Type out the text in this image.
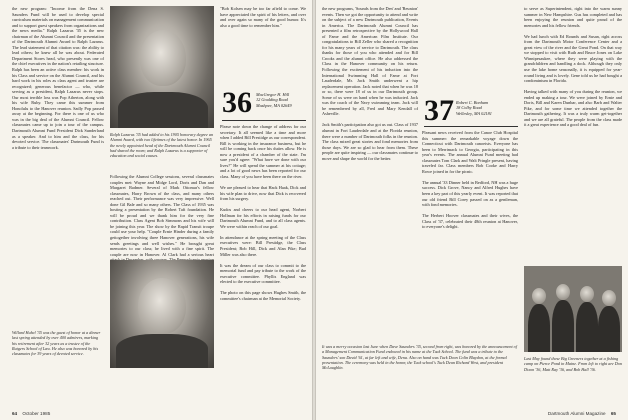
the new program: "Income from the Dena S. Saunders Fund will be used to develop special curriculum materials on management communication and to support guest speakers from organizations and the news media." Ralph Lazarus '35 is the new chairman of the Alumni Council and the presentation of the Dartmouth Alumni Award to Ralph Lazarus. The lead statement of that citation was: the ability to lead others; he knew all he was about. Federated Department Stores head, who presently was one of the chief executives in the nation's retailing structure. Ralph has been an active class member: his work in his Class and service on the Alumni Council, and his hard work in his roles as class agent and trustee are recognized; generous benefactor — who, while serving as a president, Ralph Lazarus never stops. Our most terrible loss was Pop Atherton, along with his wife Ruby. They came this summer from Honolulu to the Hanover reunion. Sadly Pop passed away at the beginning. For there is one of us who was in the big deal of the Alumni Council. Fellow classmates came up to join a tour of the campus. Dartmouth Alumni Fund President Dick Sunderland as a speaker. And to him and the class, for his devoted service. The classmates' Dartmouth Fund is a tribute to their teamwork.
Ralph Lazarus '35 had added to his 1905 honorary degree an Alumni Award, with two lifetimes of the latest honor. In 1965 the newly appointed head of the Dartmouth Alumni Council had shared the room; and Ralph Lazarus is a supporter of education and social causes.
Following the Alumni College sessions, several classmates couples met: Wayne and Midge Lord, Doris and Dan and Margaret Radmer. Several of Mark Ottomar's fellow classmates, Harry Brown of the class, and many others reached out. Their performance was very impressive. Well done Gil Bale and so many others. The Class of 1935 was hosting a presentation by the Robert Taft foundation. He will be proud and we thank him for the very fine contribution. Class Agent Bob Simmons and his wife will be joining this year. The show by the Rapid Transit troupe could use your help. "Couple Ernie Hinder during a family gettogether involving three Hanover generations, his wife sends greetings and well wishes." He brought great memories to our class; he lived with a fine spirit. The couple are now in Hanover. Al Clark had a serious heart
Willard Hubel '35 was the guest of honor at a dinner last spring attended by over 400 admirers, marking his retirement after 32 years as a trustee of the Rutgers School of Law. He also was honored by his classmates for 39 years of devoted service.
"Bob Kolsen may be too far afield to come. We have appreciated the spirit of his letters, and over and over again so many of the good humor. It's also a good time to remember him."
36 MacGregor H. Hill
12 Goulding Road
Mashpee, MA 02649
Please note down the change of address for our secretary. It all seemed like a time and more when I added Bill Prestidge as our correspondent. Bill is working in the insurance business, but he will be coming back once his duties allow. He is now a president of a chamber of the state. I'm sure you'd agree: "What have we done with our lives?" He will spend the summer at his cottage; and a lot of good news has been reported for our class. Many of you have been there on the river.

We are pleased to hear that Hack Haak, Dick and his wife plan to drive, now that Dick is recovered from his surgery.

Kudos and cheers to our head agent, Norbert Hollman for his efforts in raising funds for our Dartmouth Alumni Fund, and to all class agents. We were within reach of our goal.

In attendance at the spring meeting of the Class executives were: Bill Prestidge, the Class President; Bob Hill, Dick and Alan Pike; Bud Miller was also there.

It was the dream of our class to commit to the memorial fund and pay tribute to the work of the executive committee. Phyllis England was elected to the executive committee.

The photo on this page shows Hughes Smith, the committee's chairman at the Memorial Society.
64 October 1985
the new programs, 'Sounds from the Den' and 'Reunion' events. Then we got the opportunity to attend and write on the subject of a new Dartmouth publication, Events in America. The Dartmouth Alumni Council has presented a film retrospective by the Hollywood Hall of Fame and the American Film Institute. Our congratulations to Bill Zeller who shared a recognition for his many years of service to Dartmouth. The class thanks for those of you who attended and for Bill Crooks and the alumni office. He also addressed the Class in the Hanover community on his return. Following the excitement of his induction into the International Swimming Hall of Fame at Fort Lauderdale, Mr. Jack Smith underwent a hip replacement operation. Jack noted that when he was 18 or so, there were 18 of us in our Dartmouth group. Some of us were on hand when he was inducted. Jack was the coach of the Navy swimming team. Jack will be remembered by all, Fred and Mary Kendall of Asheville.

Jack Smith's participation also got us out. Class of 1937 alumni in Fort Lauderdale and at the Florida reunion, there were a number of Dartmouth folks in the reunion. The class mixed great stories and fond memories from those days. We are so glad to hear from them. These people are quite inspiring — our classmates continue to move and shape the world for the better.
37 Robert C. Bonham
18 Colby Road
Wellesley, MA 02181
Pleasant news received from the Canoe Club Hospital this summer: the remarkable voyage down the Connecticut with Dartmouth canoeists. Everyone has been to Merrimack to Georgia, participating in this year's events. The annual Alumni Fund meeting had classmates Tom Clark and Walt Pringle present, having traveled far. Class members Bob Cooke and Harry Rowe joined in for the picnic.

The annual '33 Dinner held in Bedford, NH was a huge success. Dick Grove, Nancy and Alfred Hughes have been a key part of this yearly event. It was reported that our old friend Bill Corey passed on as a gentleman, with fond memories.

The Herbert Hoover classmates and their wives, the Class of '37, celebrated their 48th reunion at Hanover, to everyone's delight.
to serve as Superintendent, right into the warm sunny summer in New Hampshire. Gus has completed and has been enjoying the reunion and quite proud of the memories and his fellow friends.

We had lunch with Ed Rounds and Susan, right across from the Dartmouth Motor Conference Center and a great view of the river and the Great Pond. On that way we stopped to visit with Ruth and Bruce Jones on Lake Winnipesaukee, where they were playing with the grandchildren and handling a dock. Although they only use the lake home seasonally, it is equipped for year-round living and is lovely. Gene told us he had bought a condominium in Florida.

Having talked with many of you during the reunion, we ended up making a tour. We were joined by Ernie and Doris, Bill and Karen Dunbar, and also Barb and Walter Pike, and for some time we attended together the Dartmouth gathering. It was a truly warm get-together and we are all grateful. The people from the class made it a great experience and a good deal of fun.
It was a merry occasion last June when Dave Saunders '35, second from right, was honored by the announcement of a Management Communication Fund endowed in his name at the Tuck School. The fund was a tribute to the Saunders' son David '61, at far left and wife, Dena. Also on hand was Tuck Dean Colin Blaydon, at the formal presentation. The ceremony was held in the honor, the Tuck school's Tuck Dean Richard West, and president McLaughlin.
Last May found these Big Greeners together at a fishing camp on Pierce Pond in Maine. From left to right are Don Dixon '36, Matt Ray '36, and Bob Hall '36.
Dartmouth Alumni Magazine 65
